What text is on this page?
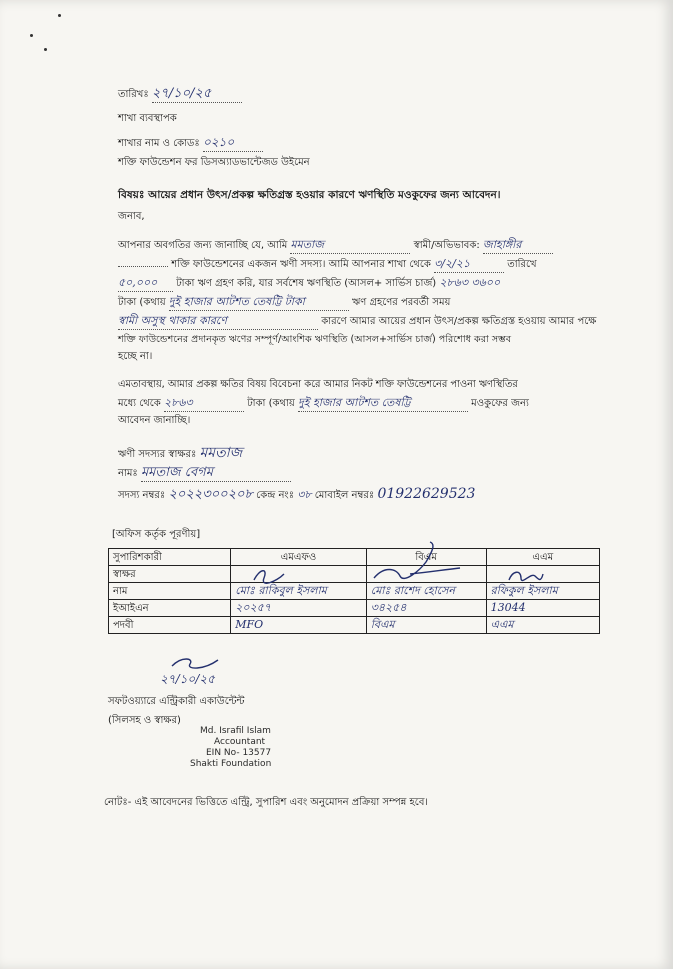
তারিখঃ ২৭/১০/২৫
শাখা ব্যবস্থাপক
শাখার নাম ও কোডঃ ০২১০
শক্তি ফাউন্ডেশন ফর ডিসঅ্যাডভান্টেজড উইমেন
বিষয়ঃ আয়ের প্রধান উৎস/প্রকল্প ক্ষতিগ্রস্ত হওয়ার কারণে ঋণস্থিতি মওকুফের জন্য আবেদন।
জনাব,
আপনার অবগতির জন্য জানাচ্ছি যে, আমি মমতাজ	স্বামী/অভিভাবক: জাহাঙ্গীর
শক্তি ফাউন্ডেশনের একজন ঋণী সদস্য। আমি আপনার শাখা থেকে ৩/২/২১	তারিখে
৫০,০০০ টাকা ঋণ গ্রহণ করি, যার সর্বশেষ ঋণস্থিতি (আসল+ সার্ভিস চার্জ) ২৮৬৩ ৩৬০০
টাকা (কথায় দুই হাজার আটশত তেষট্টি টাকা	ঋণ গ্রহণের পরবর্তী সময়
স্বামী অসুস্থ থাকার কারণে	কারণে আমার আয়ের প্রধান উৎস/প্রকল্প ক্ষতিগ্রস্ত হওয়ায় আমার পক্ষে
শক্তি ফাউন্ডেশনের প্রদানকৃত ঋণের সম্পূর্ণ/আংশিক ঋণস্থিতি (আসল+সার্ভিস চার্জ) পরিশোধ করা সম্ভব
হচ্ছে না।
এমতাবস্থায়, আমার প্রকল্প ক্ষতির বিষয় বিবেচনা করে আমার নিকট শক্তি ফাউন্ডেশনের পাওনা ঋণস্থিতির
মধ্যে থেকে ২৮৬৩	টাকা (কথায় দুই হাজার আটশত তেষট্টি	মওকুফের জন্য
আবেদন জানাচ্ছি।
ঋণী সদস্যর স্বাক্ষরঃ মমতাজ
নামঃ মমতাজ বেগম
সদস্য নম্বরঃ ২০২২৩০০২০৮ কেন্দ্র নংঃ ৩৮ মোবাইল নম্বরঃ 01922629523
[অফিস কর্তৃক পূরণীয়]
সুপারিশকারী	এমএফও	বিএম	এএম
স্বাক্ষর			
নাম	মোঃ রাকিবুল ইসলাম	মোঃ রাশেদ হোসেন	রফিকুল ইসলাম
ইআইএন	২০২৫৭	৩৪২৫৪	13044
পদবী	MFO	বিএম	এএম
২৭/১০/২৫
সফটওয়্যারে এন্ট্রিকারী একাউন্টেন্ট
(সিলসহ ও স্বাক্ষর)
Md. Israfil Islam
Accountant
EIN No- 13577
Shakti Foundation
নোটঃ- এই আবেদনের ভিত্তিতে এন্ট্রি, সুপারিশ এবং অনুমোদন প্রক্রিয়া সম্পন্ন হবে।
